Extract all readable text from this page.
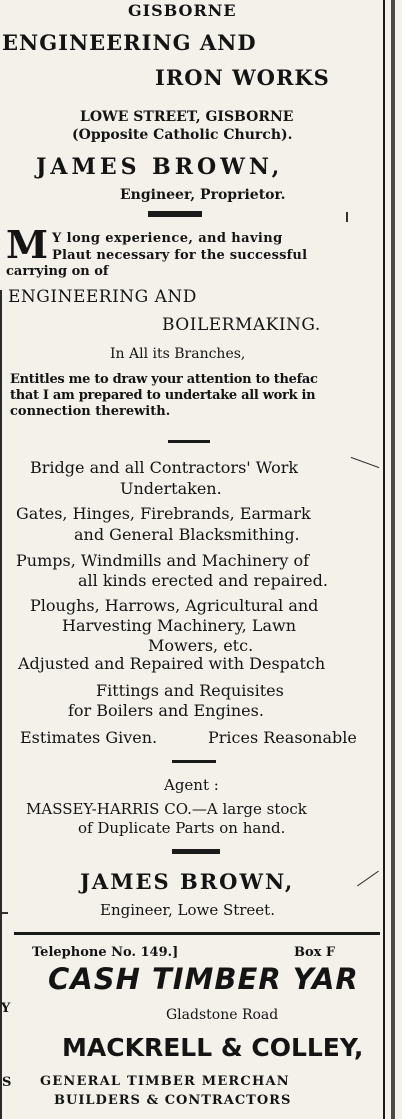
GISBORNE
ENGINEERING AND
IRON WORKS
LOWE STREET, GISBORNE
(Opposite Catholic Church).
JAMES BROWN,
Engineer, Proprietor.
M Y long experience, and having
Plaut necessary for the successful
carrying on of
ENGINEERING AND
BOILERMAKING.
In All its Branches,
Entitles me to draw your attention to thefac
that I am prepared to undertake all work in
connection therewith.
Bridge and all Contractors' Work
Undertaken.
Gates, Hinges, Firebrands, Earmark
and General Blacksmithing.
Pumps, Windmills and Machinery of
all kinds erected and repaired.
Ploughs, Harrows, Agricultural and
Harvesting Machinery, Lawn
Mowers, etc.
Adjusted and Repaired with Despatch
Fittings and Requisites
for Boilers and Engines.
Estimates Given.	Prices Reasonable
Agent :
MASSEY-HARRIS CO.—A large stock
of Duplicate Parts on hand.
JAMES BROWN,
Engineer, Lowe Street.
Telephone No. 149.]	Box F
CASH TIMBER YAR
Gladstone Road
MACKRELL & COLLEY,
GENERAL TIMBER MERCHAN
BUILDERS & CONTRACTORS
Y
S
